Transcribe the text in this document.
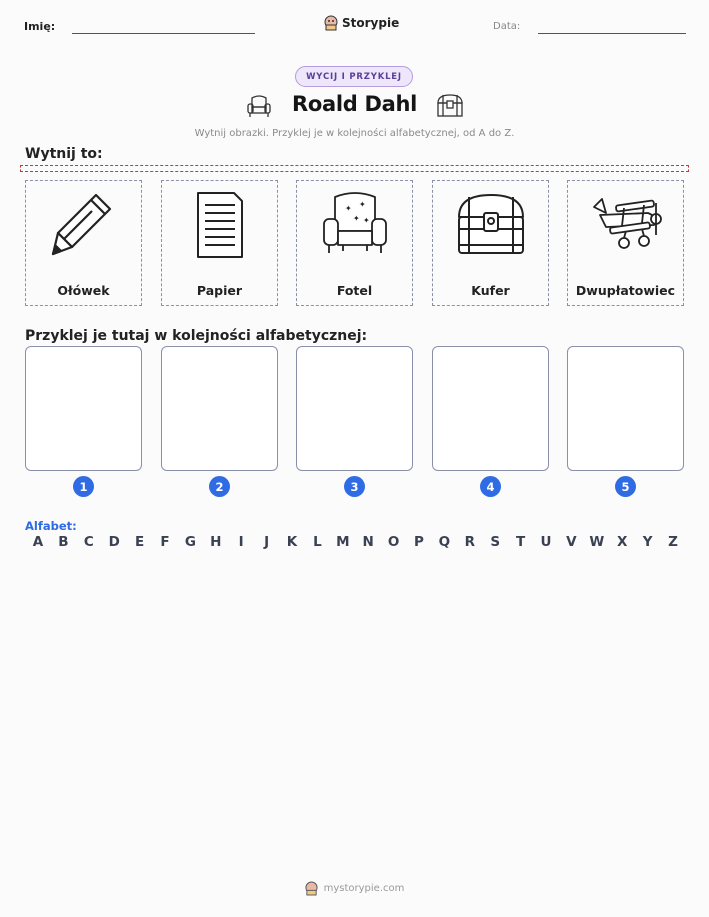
Imię:	Storypie	Data:
WYCIJ I PRZYKLEJ
Roald Dahl
Wytnij obrazki. Przyklej je w kolejności alfabetycznej, od A do Z.
Wytnij to:
Ołówek	Papier
✦ ✦
✦ ✦
Fotel	Kufer	Dwupłatowiec
Przyklej je tutaj w kolejności alfabetycznej:
1	2	3	4	5
Alfabet:
A	B	C	D	E	F	G	H	I	J	K	L	M N	O	P	Q	R	S	T	U	V W X	Y	Z
mystorypie.com
